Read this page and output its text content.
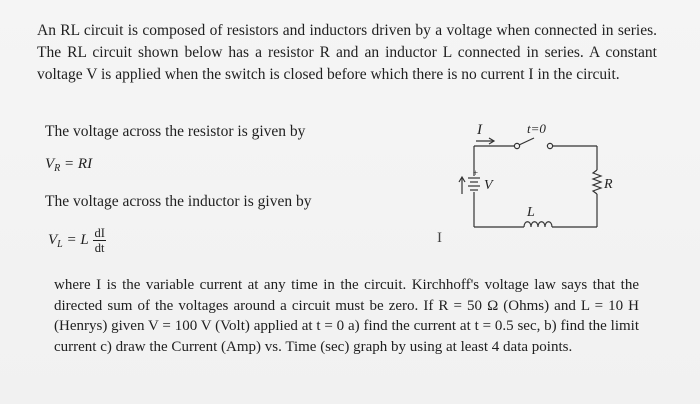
An RL circuit is composed of resistors and inductors driven by a voltage when connected in series. The RL circuit shown below has a resistor R and an inductor L connected in series. A constant voltage V is applied when the switch is closed before which there is no current I in the circuit.
The voltage across the resistor is given by
$V_R$ = RI
The voltage across the inductor is given by
$V_L = L \frac{dI}{dt}$	I
I	t=0
+
V	R
L
where I is the variable current at any time in the circuit. Kirchhoff's voltage law says that the directed sum of the voltages around a circuit must be zero. If R = 50 Ω (Ohms) and L = 10 H (Henrys) given V = 100 V (Volt) applied at t = 0 a) find the current at t = 0.5 sec, b) find the limit current c) draw the Current (Amp) vs. Time (sec) graph by using at least 4 data points.
